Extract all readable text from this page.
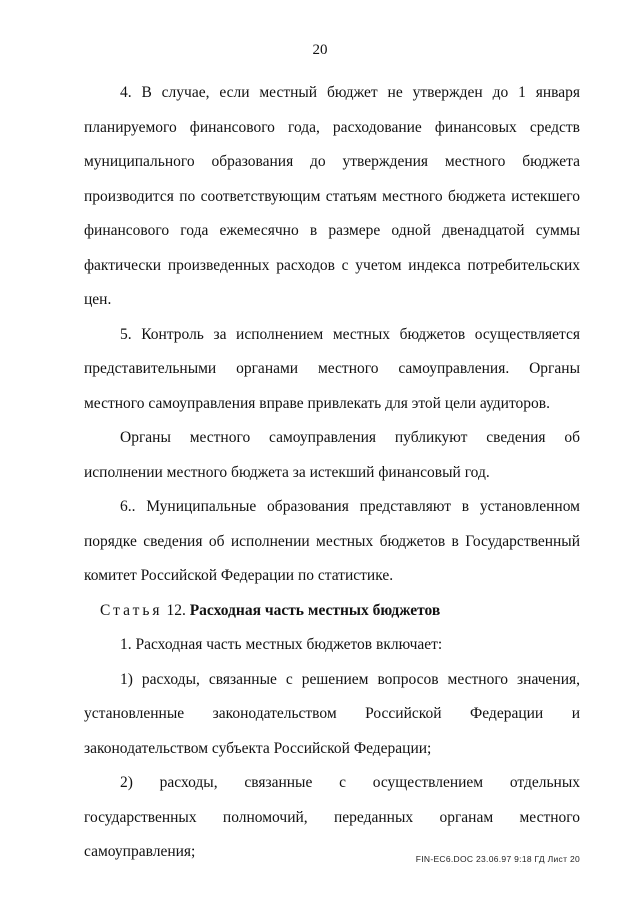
20

4. В случае, если местный бюджет не утвержден до 1 января планируемого финансового года, расходование финансовых средств муниципального образования до утверждения местного бюджета производится по соответствующим статьям местного бюджета истекшего финансового года ежемесячно в размере одной двенадцатой суммы фактически произведенных расходов с учетом индекса потребительских цен.

5. Контроль за исполнением местных бюджетов осуществляется представительными органами местного самоуправления. Органы местного самоуправления вправе привлекать для этой цели аудиторов.

Органы местного самоуправления публикуют сведения об исполнении местного бюджета за истекший финансовый год.

6.. Муниципальные образования представляют в установленном порядке сведения об исполнении местных бюджетов в Государственный комитет Российской Федерации по статистике.

Статья 12. Расходная часть местных бюджетов

1. Расходная часть местных бюджетов включает:

1) расходы, связанные с решением вопросов местного значения, установленные законодательством Российской Федерации и законодательством субъекта Российской Федерации;

2) расходы, связанные с осуществлением отдельных государственных полномочий, переданных органам местного самоуправления;	FIN-EC6.DOC 23.06.97 9:18 ГД Лист 20
